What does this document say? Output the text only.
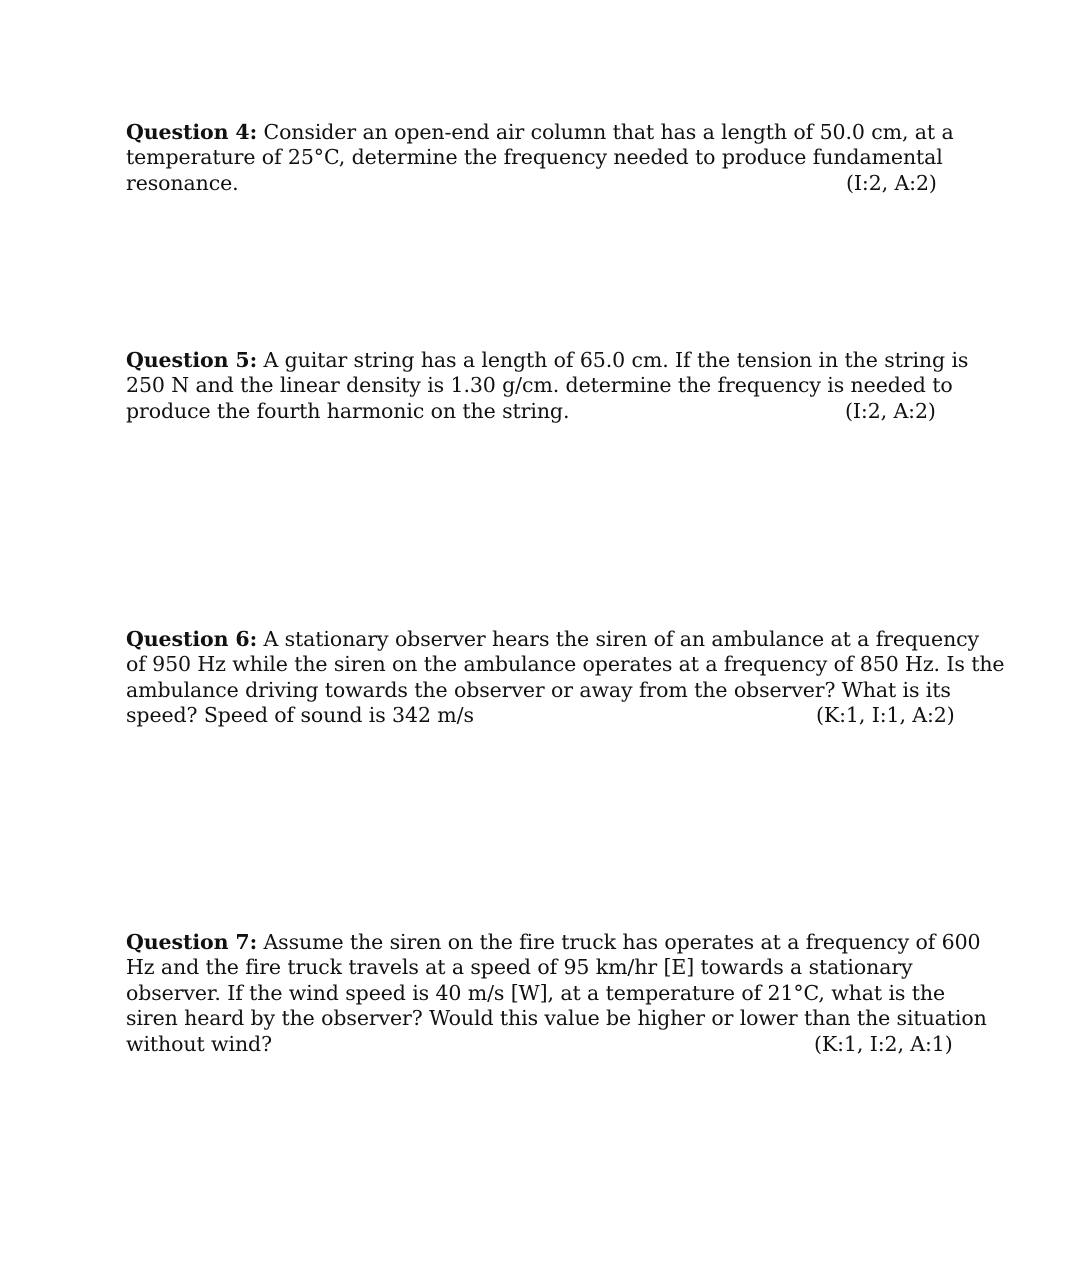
Question 4: Consider an open-end air column that has a length of 50.0 cm, at a
temperature of 25°C, determine the frequency needed to produce fundamental
resonance.	(I:2, A:2)
Question 5: A guitar string has a length of 65.0 cm. If the tension in the string is
250 N and the linear density is 1.30 g/cm. determine the frequency is needed to
produce the fourth harmonic on the string.	(I:2, A:2)
Question 6: A stationary observer hears the siren of an ambulance at a frequency
of 950 Hz while the siren on the ambulance operates at a frequency of 850 Hz. Is the
ambulance driving towards the observer or away from the observer? What is its
speed? Speed of sound is 342 m/s	(K:1, I:1, A:2)
Question 7: Assume the siren on the fire truck has operates at a frequency of 600
Hz and the fire truck travels at a speed of 95 km/hr [E] towards a stationary
observer. If the wind speed is 40 m/s [W], at a temperature of 21°C, what is the
siren heard by the observer? Would this value be higher or lower than the situation
without wind?	(K:1, I:2, A:1)
